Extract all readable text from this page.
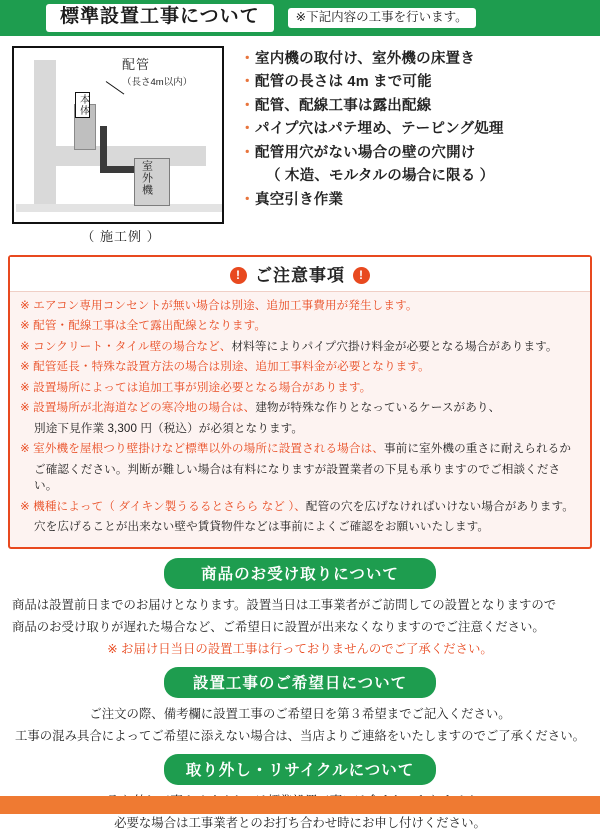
標準設置工事について	※下記内容の工事を行います。
本体
室外機
配管
（長さ4m以内）
（ 施工例 ）
・ 室内機の取付け、室外機の床置き
・ 配管の長さは 4m まで可能
・ 配管、配線工事は露出配線
・ パイプ穴はパテ埋め、テーピング処理
・ 配管用穴がない場合の壁の穴開け
（ 木造、モルタルの場合に限る ）
・ 真空引き作業
! ご注意事項 !

※ エアコン専用コンセントが無い場合は別途、追加工事費用が発生します。

※ 配管・配線工事は全て露出配線となります。

※ コンクリート・タイル壁の場合など、材料等によりパイプ穴掛け料金が必要となる場合があります。

※ 配管延長・特殊な設置方法の場合は別途、追加工事料金が必要となります。

※ 設置場所によっては追加工事が別途必要となる場合があります。

※ 設置場所が北海道などの寒冷地の場合は、建物が特殊な作りとなっているケースがあり、

別途下見作業 3,300 円（税込）が必須となります。

※ 室外機を屋根つり壁掛けなど標準以外の場所に設置される場合は、事前に室外機の重さに耐えられるか

ご確認ください。判断が難しい場合は有料になりますが設置業者の下見も承りますのでご相談ください。

※ 機種によって（ ダイキン製うるるとさらら など ）、配管の穴を広げなければいけない場合があります。

穴を広げることが出来ない壁や賃貸物件などは事前によくご確認をお願いいたします。

商品のお受け取りについて

商品は設置前日までのお届けとなります。設置当日は工事業者がご訪問しての設置となりますので

商品のお受け取りが遅れた場合など、ご希望日に設置が出来なくなりますのでご注意ください。

※ お届け日当日の設置工事は行っておりませんのでご了承ください。

設置工事のご希望日について

ご注文の際、備考欄に設置工事のご希望日を第３希望までご記入ください。

工事の混み具合によってご希望に添えない場合は、当店よりご連絡をいたしますのでご了承ください。

取り外し・リサイクルについて

必要な場合は工事業者とのお打ち合わせ時にお申し付けください。
